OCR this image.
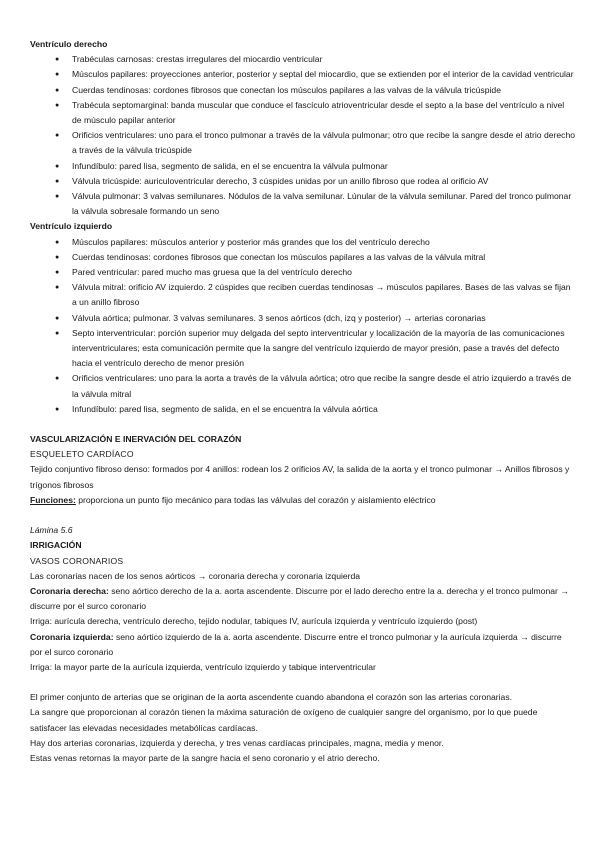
Ventrículo derecho
● Trabéculas carnosas: crestas irregulares del miocardio ventricular
● Músculos papilares: proyecciones anterior, posterior y septal del miocardio, que se extienden por el interior de la cavidad ventricular
● Cuerdas tendinosas: cordones fibrosos que conectan los músculos papilares a las valvas de la válvula tricúspide
● Trabécula septomarginal: banda muscular que conduce el fascículo atrioventricular desde el septo a la base del ventrículo a nivel de músculo papilar anterior
● Orificios ventriculares: uno para el tronco pulmonar a través de la válvula pulmonar; otro que recibe la sangre desde el atrio derecho a través de la válvula tricúspide
● Infundíbulo: pared lisa, segmento de salida, en el se encuentra la válvula pulmonar
● Válvula tricúspide: auriculoventricular derecho, 3 cúspides unidas por un anillo fibroso que rodea al orificio AV
● Válvula pulmonar: 3 valvas semilunares. Nódulos de la valva semilunar. Lúnular de la válvula semilunar. Pared del tronco pulmonar la válvula sobresale formando un seno
Ventrículo izquierdo
● Músculos papilares: músculos anterior y posterior más grandes que los del ventrículo derecho
● Cuerdas tendinosas: cordones fibrosos que conectan los músculos papilares a las valvas de la válvula mitral
● Pared ventricular: pared mucho mas gruesa que la del ventrículo derecho
● Válvula mitral: orificio AV izquierdo. 2 cúspides que reciben cuerdas tendinosas → músculos papilares. Bases de las valvas se fijan a un anillo fibroso
● Válvula aórtica; pulmonar. 3 valvas semilunares. 3 senos aórticos (dch, izq y posterior) → arterias coronarias
● Septo interventricular: porción superior muy delgada del septo interventricular y localización de la mayoría de las comunicaciones interventriculares; esta comunicación permite que la sangre del ventrículo izquierdo de mayor presión, pase a través del defecto hacia el ventrículo derecho de menor presión
● Orificios ventriculares: uno para la aorta a través de la válvula aórtica; otro que recibe la sangre desde el atrio izquierdo a través de la válvula mitral
● Infundíbulo: pared lisa, segmento de salida, en el se encuentra la válvula aórtica
VASCULARIZACIÓN E INERVACIÓN DEL CORAZÓN
ESQUELETO CARDÍACO

Tejido conjuntivo fibroso denso: formados por 4 anillos: rodean los 2 orificios AV, la salida de la aorta y el tronco pulmonar → Anillos fibrosos y trígonos fibrosos

Funciones: proporciona un punto fijo mecánico para todas las válvulas del corazón y aislamiento eléctrico

Lámina 5.6
IRRIGACIÓN
VASOS CORONARIOS

Las coronarias nacen de los senos aórticos → coronaria derecha y coronaria izquierda

Coronaria derecha: seno aórtico derecho de la a. aorta ascendente. Discurre por el lado derecho entre la a. derecha y el tronco pulmonar → discurre por el surco coronario

Irriga: aurícula derecha, ventrículo derecho, tejido nodular, tabiques IV, aurícula izquierda y ventrículo izquierdo (post)

Coronaria izquierda: seno aórtico izquierdo de la a. aorta ascendente. Discurre entre el tronco pulmonar y la aurícula izquierda → discurre por el surco coronario

Irriga: la mayor parte de la aurícula izquierda, ventrículo izquierdo y tabique interventricular

El primer conjunto de arterias que se originan de la aorta ascendente cuando abandona el corazón son las arterias coronarias.

La sangre que proporcionan al corazón tienen la máxima saturación de oxígeno de cualquier sangre del organismo, por lo que puede satisfacer las elevadas necesidades metabólicas cardíacas.

Hay dos arterias coronarias, izquierda y derecha, y tres venas cardíacas principales, magna, media y menor.

Estas venas retornas la mayor parte de la sangre hacia el seno coronario y el atrio derecho.
